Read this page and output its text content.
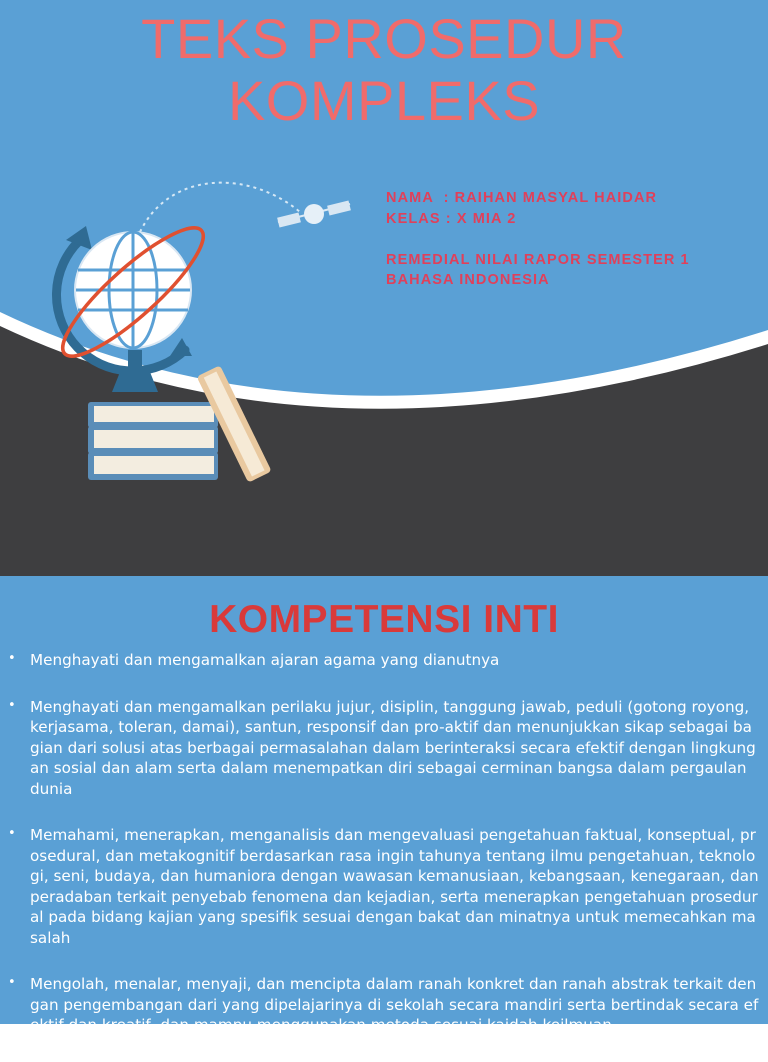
TEKS PROSEDUR
KOMPLEKS
NAMA  : RAIHAN MASYAL HAIDAR
KELAS : X MIA 2
REMEDIAL NILAI RAPOR SEMESTER 1
BAHASA INDONESIA
KOMPETENSI INTI
• Menghayati dan mengamalkan ajaran agama yang dianutnya
• Menghayati dan mengamalkan perilaku jujur, disiplin, tanggung jawab, peduli (gotong royong, kerjasama, toleran, damai), santun, responsif dan pro-aktif dan menunjukkan sikap sebagai bagian dari solusi atas berbagai permasalahan dalam berinteraksi secara efektif dengan lingkungan sosial dan alam serta dalam menempatkan diri sebagai cerminan bangsa dalam pergaulan dunia
• Memahami, menerapkan, menganalisis dan mengevaluasi pengetahuan faktual, konseptual, prosedural, dan metakognitif berdasarkan rasa ingin tahunya tentang ilmu pengetahuan, teknologi, seni, budaya, dan humaniora dengan wawasan kemanusiaan, kebangsaan, kenegaraan, dan peradaban terkait penyebab fenomena dan kejadian, serta menerapkan pengetahuan prosedural pada bidang kajian yang spesifik sesuai dengan bakat dan minatnya untuk memecahkan masalah
• Mengolah, menalar, menyaji, dan mencipta dalam ranah konkret dan ranah abstrak terkait dengan pengembangan dari yang dipelajarinya di sekolah secara mandiri serta bertindak secara efektif dan kreatif, dan mampu menggunakan metoda sesuai kaidah keilmuan
